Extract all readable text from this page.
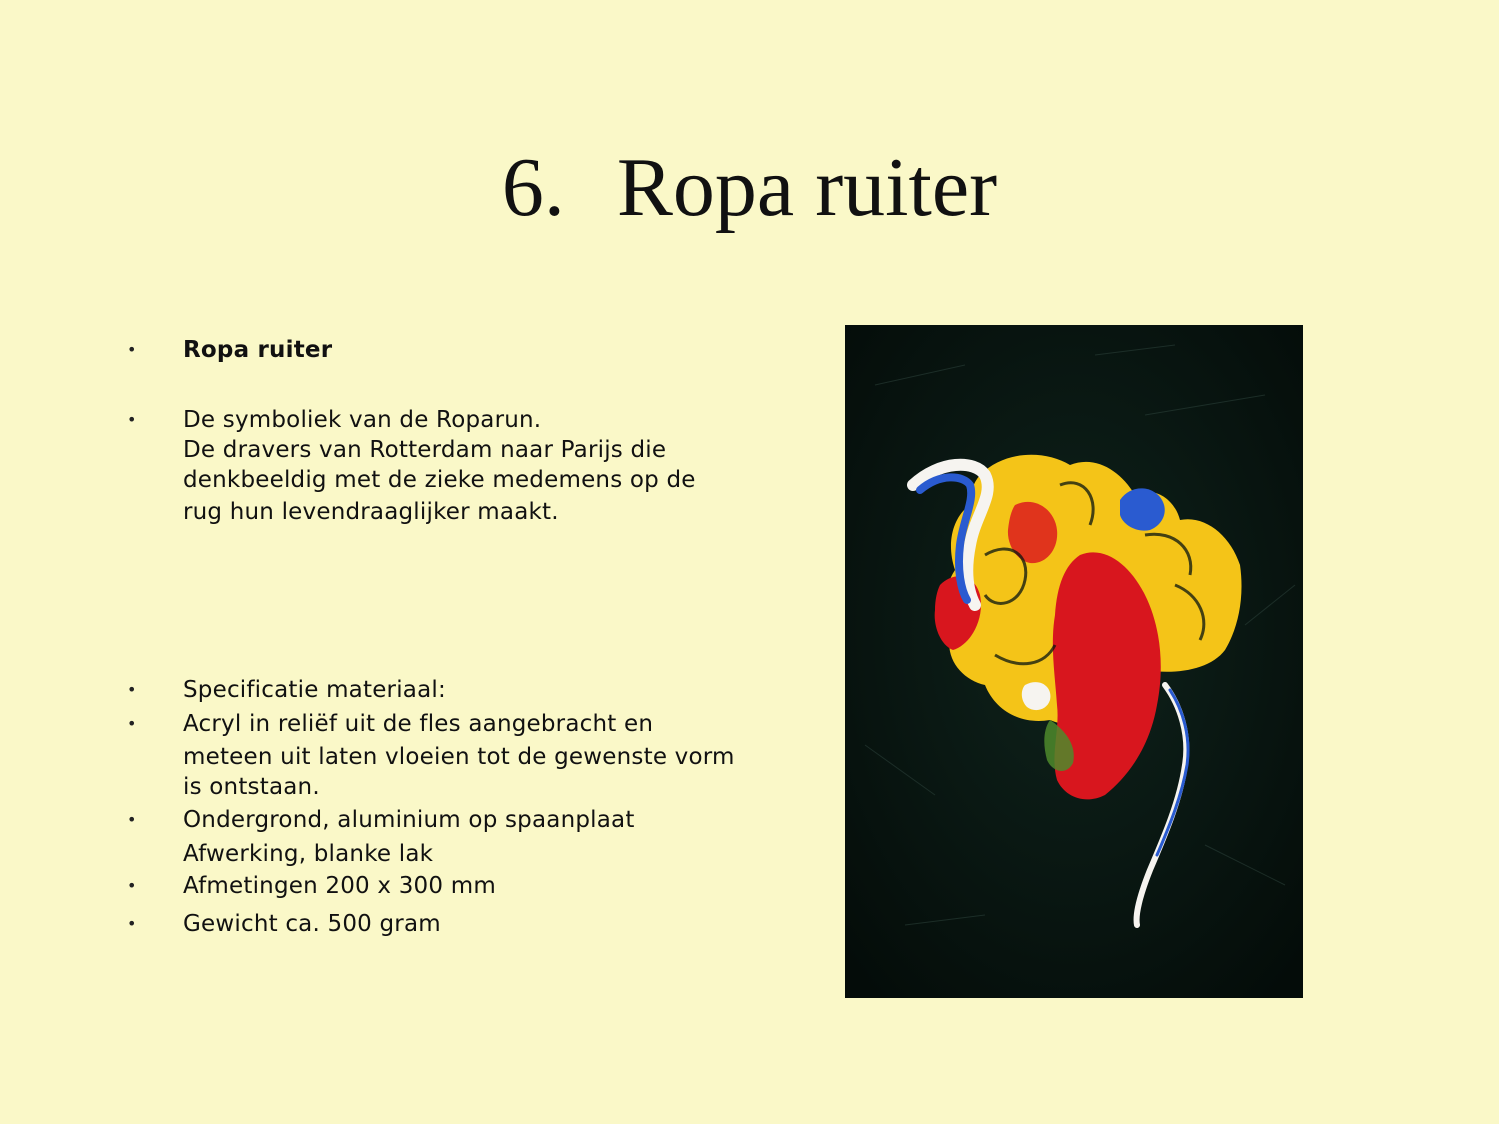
6. Ropa ruiter
•	Ropa ruiter
•	De symboliek van de Roparun.
De dravers van Rotterdam naar Parijs die
denkbeeldig met de zieke medemens op de
rug hun levendraaglijker maakt.
•	Specificatie materiaal:
•	Acryl in reliëf uit de fles aangebracht en
meteen uit laten vloeien tot de gewenste vorm
is ontstaan.
•	Ondergrond, aluminium op spaanplaat
Afwerking, blanke lak
•	Afmetingen 200 x 300 mm
•	Gewicht ca. 500 gram
